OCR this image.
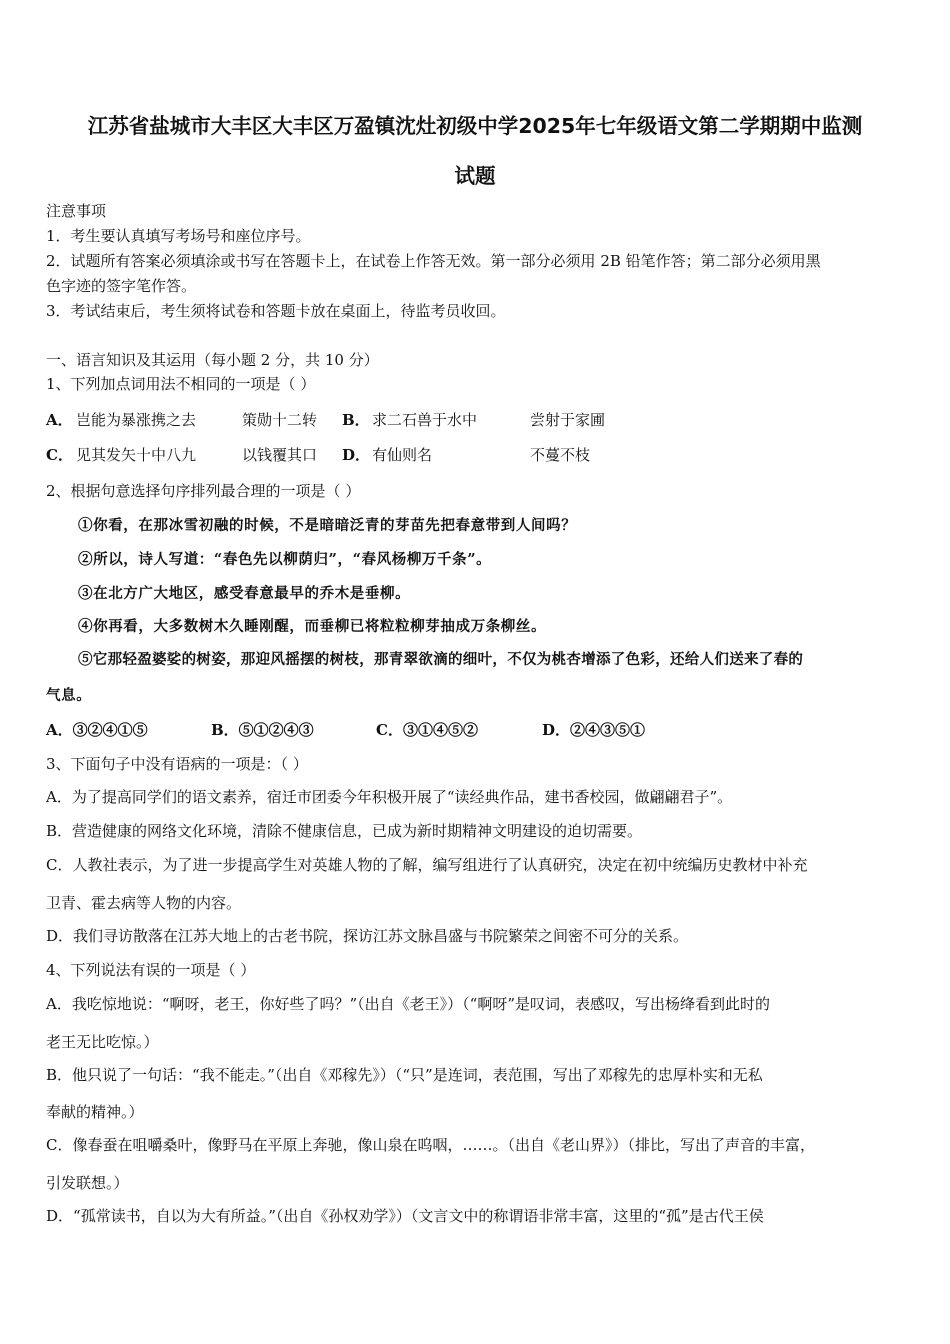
江苏省盐城市大丰区大丰区万盈镇沈灶初级中学2025年七年级语文第二学期期中监测
试题
注意事项
1．考生要认真填写考场号和座位序号。
2．试题所有答案必须填涂或书写在答题卡上，在试卷上作答无效。第一部分必须用 2B 铅笔作答；第二部分必须用黑
色字迹的签字笔作答。
3．考试结束后，考生须将试卷和答题卡放在桌面上，待监考员收回。
一、语言知识及其运用（每小题 2 分，共 10 分）
1、下列加点词用法不相同的一项是（ ）
A． 岂能为暴涨携之去	策勋十二转 B． 求二石兽于水中	尝射于家圃
C． 见其发矢十中八九	以钱覆其口 D． 有仙则名	不蔓不枝
2、根据句意选择句序排列最合理的一项是（ ）
①你看，在那冰雪初融的时候，不是暗暗泛青的芽苗先把春意带到人间吗？
②所以，诗人写道：“春色先以柳荫归”，“春风杨柳万千条”。
③在北方广大地区，感受春意最早的乔木是垂柳。
④你再看，大多数树木久睡刚醒，而垂柳已将粒粒柳芽抽成万条柳丝。
⑤它那轻盈婆娑的树姿，那迎风摇摆的树枝，那青翠欲滴的细叶，不仅为桃杏增添了色彩，还给人们送来了春的
气息。
A．③②④①⑤	B．⑤①②④③	C．③①④⑤②	D．②④③⑤①
3、下面句子中没有语病的一项是：（ ）
A．为了提高同学们的语文素养，宿迁市团委今年积极开展了“读经典作品，建书香校园，做翩翩君子”。
B．营造健康的网络文化环境，清除不健康信息，已成为新时期精神文明建设的迫切需要。
C．人教社表示，为了进一步提高学生对英雄人物的了解，编写组进行了认真研究，决定在初中统编历史教材中补充
卫青、霍去病等人物的内容。
D．我们寻访散落在江苏大地上的古老书院，探访江苏文脉昌盛与书院繁荣之间密不可分的关系。
4、下列说法有误的一项是（ ）
A．我吃惊地说：“啊呀，老王，你好些了吗？”（出自《老王》）（“啊呀”是叹词，表感叹，写出杨绛看到此时的
老王无比吃惊。）
B．他只说了一句话：“我不能走。”（出自《邓稼先》）（“只”是连词，表范围，写出了邓稼先的忠厚朴实和无私
奉献的精神。）
C．像春蚕在咀嚼桑叶，像野马在平原上奔驰，像山泉在呜咽，……。（出自《老山界》）（排比，写出了声音的丰富，
引发联想。）
D．“孤常读书，自以为大有所益。”（出自《孙权劝学》）（文言文中的称谓语非常丰富，这里的“孤”是古代王侯
